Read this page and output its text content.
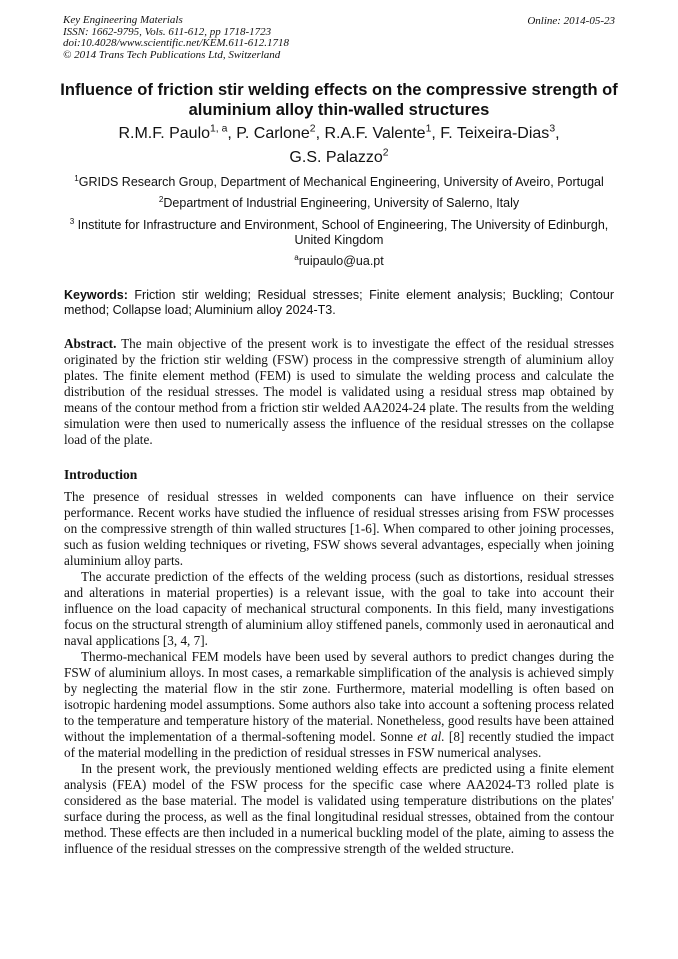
Key Engineering Materials
ISSN: 1662-9795, Vols. 611-612, pp 1718-1723
doi:10.4028/www.scientific.net/KEM.611-612.1718
© 2014 Trans Tech Publications Ltd, Switzerland
Online: 2014-05-23
Influence of friction stir welding effects on the compressive strength of aluminium alloy thin-walled structures
R.M.F. Paulo$^{1, a}$, P. Carlone$^2$, R.A.F. Valente$^1$, F. Teixeira-Dias$^3$,
G.S. Palazzo$^2$
$^1$GRIDS Research Group, Department of Mechanical Engineering, University of Aveiro, Portugal
$^2$Department of Industrial Engineering, University of Salerno, Italy
$^3$ Institute for Infrastructure and Environment, School of Engineering, The University of Edinburgh, United Kingdom
$^a$ruipaulo@ua.pt
Keywords: Friction stir welding; Residual stresses; Finite element analysis; Buckling; Contour method; Collapse load; Aluminium alloy 2024-T3.

Abstract. The main objective of the present work is to investigate the effect of the residual stresses originated by the friction stir welding (FSW) process in the compressive strength of aluminium alloy plates. The finite element method (FEM) is used to simulate the welding process and calculate the distribution of the residual stresses. The model is validated using a residual stress map obtained by means of the contour method from a friction stir welded AA2024-24 plate. The results from the welding simulation were then used to numerically assess the influence of the residual stresses on the collapse load of the plate.

Introduction

The presence of residual stresses in welded components can have influence on their service performance. Recent works have studied the influence of residual stresses arising from FSW processes on the compressive strength of thin walled structures [1-6]. When compared to other joining processes, such as fusion welding techniques or riveting, FSW shows several advantages, especially when joining aluminium alloy parts.

The accurate prediction of the effects of the welding process (such as distortions, residual stresses and alterations in material properties) is a relevant issue, with the goal to take into account their influence on the load capacity of mechanical structural components. In this field, many investigations focus on the structural strength of aluminium alloy stiffened panels, commonly used in aeronautical and naval applications [3, 4, 7].

Thermo-mechanical FEM models have been used by several authors to predict changes during the FSW of aluminium alloys. In most cases, a remarkable simplification of the analysis is achieved simply by neglecting the material flow in the stir zone. Furthermore, material modelling is often based on isotropic hardening model assumptions. Some authors also take into account a softening process related to the temperature and temperature history of the material. Nonetheless, good results have been attained without the implementation of a thermal-softening model. Sonne et al. [8] recently studied the impact of the material modelling in the prediction of residual stresses in FSW numerical analyses.

In the present work, the previously mentioned welding effects are predicted using a finite element analysis (FEA) model of the FSW process for the specific case where AA2024-T3 rolled plate is considered as the base material. The model is validated using temperature distributions on the plates' surface during the process, as well as the final longitudinal residual stresses, obtained from the contour method. These effects are then included in a numerical buckling model of the plate, aiming to assess the influence of the residual stresses on the compressive strength of the welded structure.
